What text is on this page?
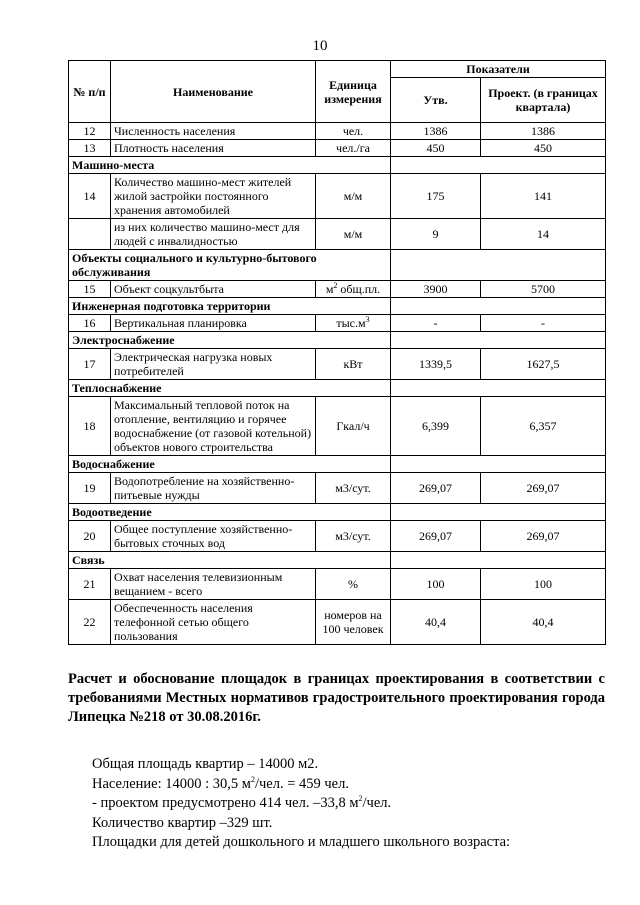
10
№ п/п	Наименование	Единица измерения	Показатели	
			Утв.	Проект. (в границах квартала)
12	Численность населения	чел.	1386	1386
13	Плотность населения	чел./га	450	450
Машино-места				
14	Количество машино-мест жителей жилой застройки постоянного хранения автомобилей	м/м	175	141
	из них количество машино-мест для людей с инвалидностью	м/м	9	14
Объекты социального и культурно-бытового обслуживания				
15	Объект соцкультбыта	$м^2$ общ.пл.	3900	5700
Инженерная подготовка территории				
16	Вертикальная планировка	$тыс.м^3$	-	-
Электроснабжение				
17	Электрическая нагрузка новых потребителей	кВт	1339,5	1627,5
Теплоснабжение				
18	Максимальный тепловой поток на отопление, вентиляцию и горячее водоснабжение (от газовой котельной) объектов нового строительства	Гкал/ч	6,399	6,357
Водоснабжение				
19	Водопотребление на хозяйственно-питьевые нужды	м3/сут.	269,07	269,07
Водоотведение				
20	Общее поступление хозяйственно-бытовых сточных вод	м3/сут.	269,07	269,07
Связь				
21	Охват населения телевизионным вещанием - всего	%	100	100
22	Обеспеченность населения телефонной сетью общего пользования	номеров на 100 человек	40,4	40,4
Расчет и обоснование площадок в границах проектирования в соответствии с требованиями Местных нормативов градостроительного проектирования города Липецка №218 от 30.08.2016г.

Общая площадь квартир – 14000 м2.

Население: 14000 : 30,5 $м^2$/чел. = 459 чел.

- проектом предусмотрено 414 чел. –33,8 $м^2$/чел.

Количество квартир –329 шт.

Площадки для детей дошкольного и младшего школьного возраста:
